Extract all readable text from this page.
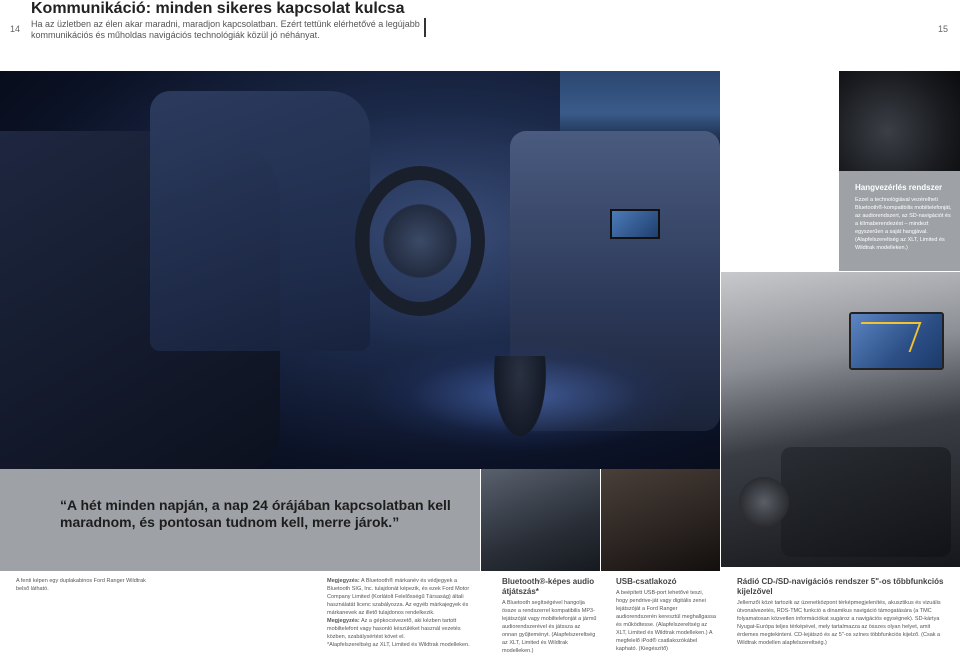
14	15
Kommunikáció: minden sikeres kapcsolat kulcsa

Ha az üzletben az élen akar maradni, maradjon kapcsolatban. Ezért tettünk elérhetővé a legújabb kommunikációs és műholdas navigációs technológiák közül jó néhányat.

Hangvezérlés rendszer

Ezzel a technológiával vezérelheti Bluetooth®-kompatibilis mobiltelefonját, az audiorendszert, az SD-navigációt és a klímaberendezést – mindezt egyszerűen a saját hangjával. (Alapfelszereltség az XLT, Limited és Wildtrak modelleken.)

“A hét minden napján, a nap 24 órájában kapcsolatban kell maradnom, és pontosan tudnom kell, merre járok.”
A fenti képen egy duplakabinos Ford Ranger Wildtrak belső látható.

Megjegyzés: A Bluetooth® márkanév és védjegyek a Bluetooth SIG, Inc. tulajdonát képezik, és ezek Ford Motor Company Limited (Korlátolt Felelősségű Társaság) általi használatát licenc szabályozza. Az egyéb márkajegyek és márkanevek az illető tulajdonos rendelkezik.

Megjegyzés: Az a gépkocsivezető, aki kézben tartott mobiltelefont vagy hasonló készüléket használ vezetés közben, szabálysértést követ el.

*Alapfelszereltség az XLT, Limited és Wildtrak modelleken.

Bluetooth®-képes audio átjátszás*

A Bluetooth segítségével hangolja össze a rendszerrel kompatibilis MP3-lejátszóját vagy mobiltelefonját a jármű audiorendszerével és játssza az onnan gyűjteményt. (Alapfelszereltség az XLT, Limited és Wildtrak modelleken.)

USB-csatlakozó

A beépített USB-port lehetővé teszi, hogy pendrive-ját vagy digitális zenei lejátszóját a Ford Ranger audiorendszerén keresztül meghallgassa és működtesse. (Alapfelszereltség az XLT, Limited és Wildtrak modelleken.) A megfelelő iPod® csatlakozókábel kapható. (Kiegészítő)

Rádió CD-/SD-navigációs rendszer 5"-os tőbbfunkciós kijelzővel

Jellemzői közé tartozik az üzenetközpont térképmegjelenítés, akusztikus és vizuális útvonalvezetés, RDS-TMC funkció a dinamikus navigáció támogatására (a TMC folyamatosan közvetlen információkat sugároz a navigációs egységnek). SD-kártya Nyugat-Európa teljes térképével, mely tartalmazza az összes olyan helyet, amit érdemes megtekinteni. CD-lejátszó és az 5"-os színes többfunkciós kijelző. (Csak a Wildtrak modellen alapfelszereltség.)
